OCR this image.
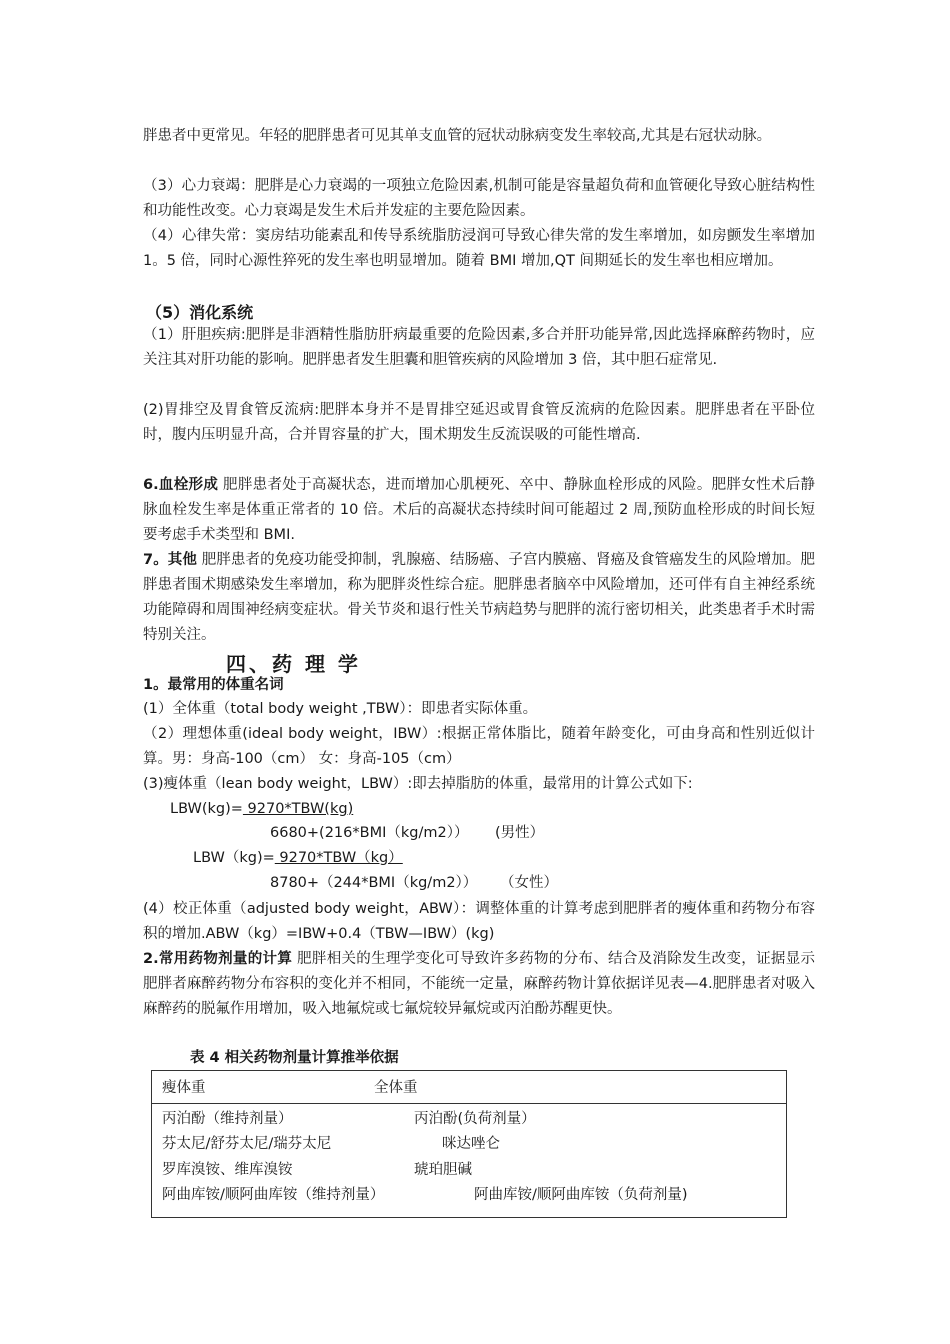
胖患者中更常见。年轻的肥胖患者可见其单支血管的冠状动脉病变发生率较高,尤其是右冠状动脉。

（3）心力衰竭：肥胖是心力衰竭的一项独立危险因素,机制可能是容量超负荷和血管硬化导致心脏结构性和功能性改变。心力衰竭是发生术后并发症的主要危险因素。

（4）心律失常：窦房结功能素乱和传导系统脂肪浸润可导致心律失常的发生率增加，如房颤发生率增加 1。5 倍，同时心源性猝死的发生率也明显增加。随着 BMI 增加,QT 间期延长的发生率也相应增加。

（5）消化系统

（1）肝胆疾病:肥胖是非酒精性脂肪肝病最重要的危险因素,多合并肝功能异常,因此选择麻醉药物时，应关注其对肝功能的影响。肥胖患者发生胆囊和胆管疾病的风险增加 3 倍，其中胆石症常见.

(2)胃排空及胃食管反流病:肥胖本身并不是胃排空延迟或胃食管反流病的危险因素。肥胖患者在平卧位时，腹内压明显升高，合并胃容量的扩大，围术期发生反流误吸的可能性增高.

6.血栓形成 肥胖患者处于高凝状态，进而增加心肌梗死、卒中、静脉血栓形成的风险。肥胖女性术后静脉血栓发生率是体重正常者的 10 倍。术后的高凝状态持续时间可能超过 2 周,预防血栓形成的时间长短要考虑手术类型和 BMI.

7。其他 肥胖患者的免疫功能受抑制，乳腺癌、结肠癌、子宫内膜癌、肾癌及食管癌发生的风险增加。肥胖患者围术期感染发生率增加，称为肥胖炎性综合症。肥胖患者脑卒中风险增加，还可伴有自主神经系统功能障碍和周围神经病变症状。骨关节炎和退行性关节病趋势与肥胖的流行密切相关，此类患者手术时需特别关注。

四、药 理 学

1。最常用的体重名词

(1）全体重（total body weight ,TBW）：即患者实际体重。

（2）理想体重(ideal body weight，IBW）:根据正常体脂比，随着年龄变化，可由身高和性别近似计算。男：身高-100（cm） 女：身高-105（cm）

(3)瘦体重（lean body weight，LBW）:即去掉脂肪的体重，最常用的计算公式如下:

LBW(kg)= 9270*TBW(kg)

6680+(216*BMI（kg/m2）） (男性）

LBW（kg)= 9270*TBW（kg）

8780+（244*BMI（kg/m2）） （女性）

(4）校正体重（adjusted body weight，ABW）：调整体重的计算考虑到肥胖者的瘦体重和药物分布容积的增加.ABW（kg）=IBW+0.4（TBW—IBW）(kg)

2.常用药物剂量的计算 肥胖相关的生理学变化可导致许多药物的分布、结合及消除发生改变，证据显示肥胖者麻醉药物分布容积的变化并不相同，不能统一定量，麻醉药物计算依据详见表—4.肥胖患者对吸入麻醉药的脱氟作用增加，吸入地氟烷或七氟烷较异氟烷或丙泊酚苏醒更快。

表 4 相关药物剂量计算推举依据
瘦体重	全体重
丙泊酚（维持剂量）	丙泊酚(负荷剂量）
芬太尼/舒芬太尼/瑞芬太尼	咪达唑仑
罗库溴铵、维库溴铵	琥珀胆碱
阿曲库铵/顺阿曲库铵（维持剂量）	阿曲库铵/顺阿曲库铵（负荷剂量)
